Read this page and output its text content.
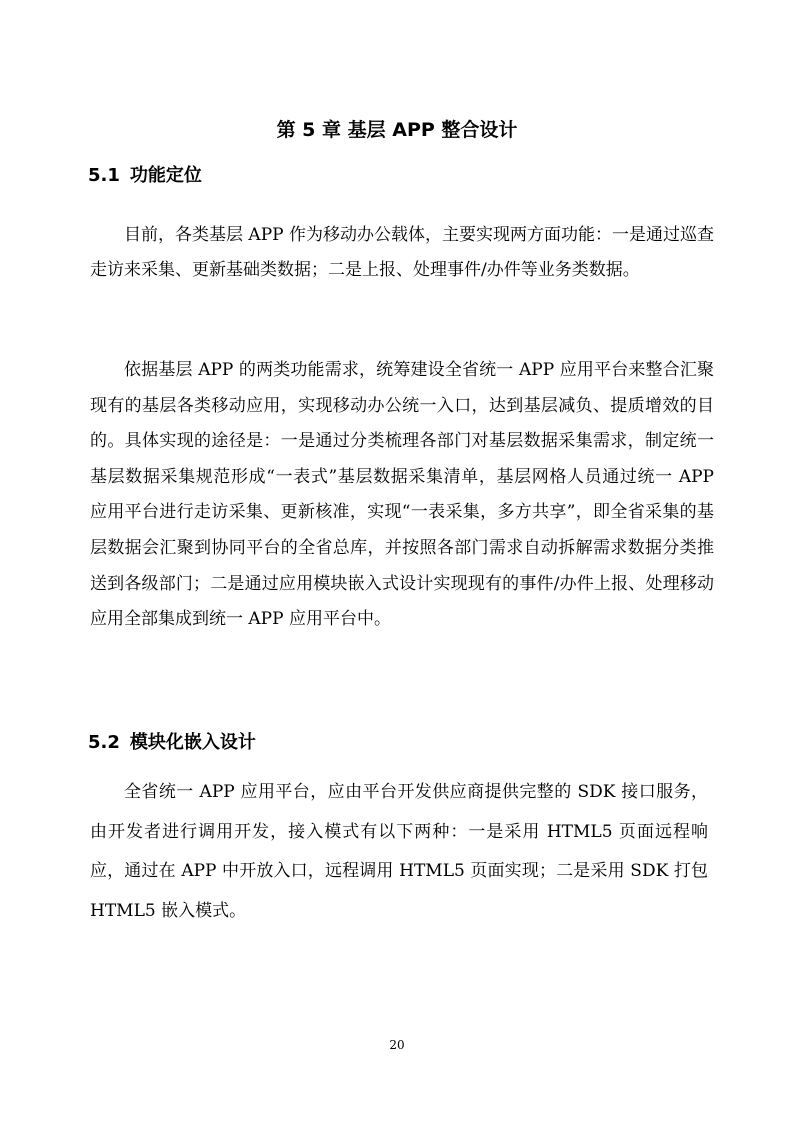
第 5 章 基层 APP 整合设计
5.1 功能定位

目前，各类基层 APP 作为移动办公载体，主要实现两方面功能：一是通过巡查走访来采集、更新基础类数据；二是上报、处理事件/办件等业务类数据。

依据基层 APP 的两类功能需求，统筹建设全省统一 APP 应用平台来整合汇聚现有的基层各类移动应用，实现移动办公统一入口，达到基层减负、提质增效的目的。具体实现的途径是：一是通过分类梳理各部门对基层数据采集需求，制定统一基层数据采集规范形成“一表式”基层数据采集清单，基层网格人员通过统一 APP 应用平台进行走访采集、更新核准，实现“一表采集，多方共享”，即全省采集的基层数据会汇聚到协同平台的全省总库，并按照各部门需求自动拆解需求数据分类推送到各级部门；二是通过应用模块嵌入式设计实现现有的事件/办件上报、处理移动应用全部集成到统一 APP 应用平台中。

5.2 模块化嵌入设计

全省统一 APP 应用平台，应由平台开发供应商提供完整的 SDK 接口服务，由开发者进行调用开发，接入模式有以下两种：一是采用 HTML5 页面远程响应，通过在 APP 中开放入口，远程调用 HTML5 页面实现；二是采用 SDK 打包 HTML5 嵌入模式。

20
